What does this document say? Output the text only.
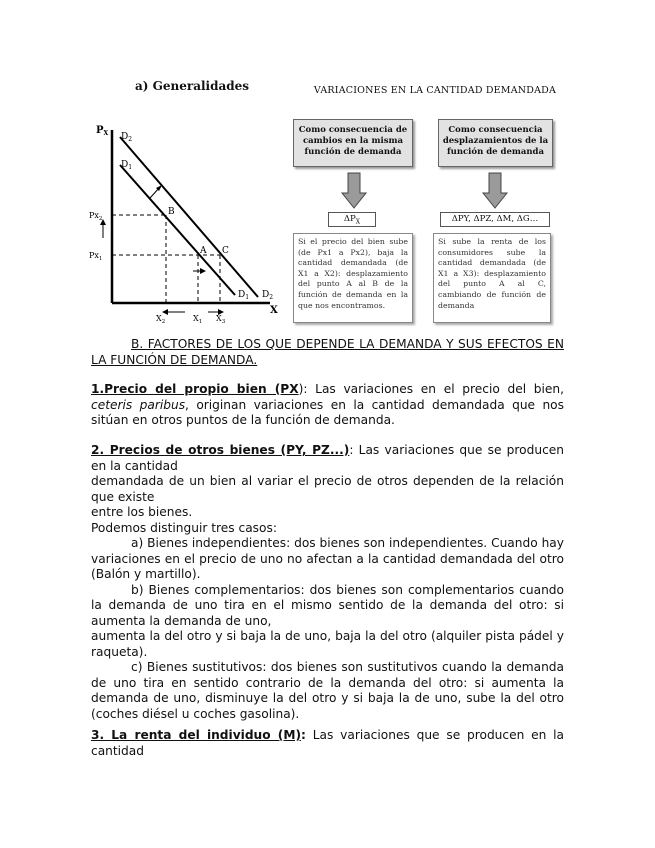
a) Generalidades	VARIACIONES EN LA CANTIDAD DEMANDADA
$P_X$
X
$D_2$
$D_1$
$D_1$ $D_2$
B
A C
$Px_2$
$Px_1$
$X_2$	$X_1$ $X_3$
Como consecuencia de cambios en la misma función de demanda
$\Delta P_X$
Si el precio del bien sube (de Px1 a Px2), baja la cantidad demandada (de X1 a X2): desplazamiento del punto A al B de la función de demanda en la que nos encontramos.
Como consecuencia desplazamientos de la función de demanda
ΔPY, ΔPZ, ΔM, ΔG…
Si sube la renta de los consumidores sube la cantidad demandada (de X1 a X3): desplazamiento del punto A al C, cambiando de función de demanda

B. FACTORES DE LOS QUE DEPENDE LA DEMANDA Y SUS EFECTOS EN LA FUNCIÓN DE DEMANDA.

1.Precio del propio bien (PX): Las variaciones en el precio del bien, ceteris paribus, originan variaciones en la cantidad demandada que nos sitúan en otros puntos de la función de demanda.

2. Precios de otros bienes (PY, PZ...): Las variaciones que se producen en la cantidad

demandada de un bien al variar el precio de otros dependen de la relación que existe

entre los bienes.

Podemos distinguir tres casos:

a) Bienes independientes: dos bienes son independientes. Cuando hay variaciones en el precio de uno no afectan a la cantidad demandada del otro (Balón y martillo).

b) Bienes complementarios: dos bienes son complementarios cuando la demanda de uno tira en el mismo sentido de la demanda del otro: si aumenta la demanda de uno,

aumenta la del otro y si baja la de uno, baja la del otro (alquiler pista pádel y raqueta).

c) Bienes sustitutivos: dos bienes son sustitutivos cuando la demanda de uno tira en sentido contrario de la demanda del otro: si aumenta la demanda de uno, disminuye la del otro y si baja la de uno, sube la del otro (coches diésel u coches gasolina).

3. La renta del individuo (M): Las variaciones que se producen en la cantidad
